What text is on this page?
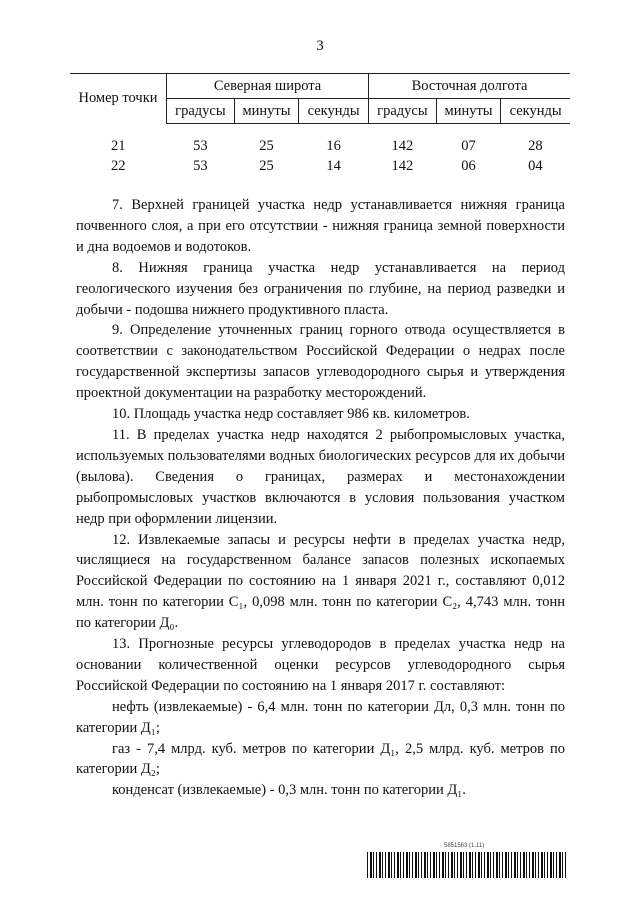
3
Номер точки	Северная широта			Восточная долгота		
	градусы	минуты	секунды	градусы	минуты	секунды

21	53	25	16	142	07	28
22	53	25	14	142	06	04

7. Верхней границей участка недр устанавливается нижняя граница почвенного слоя, а при его отсутствии - нижняя граница земной поверхности и дна водоемов и водотоков.

8. Нижняя граница участка недр устанавливается на период геологического изучения без ограничения по глубине, на период разведки и добычи - подошва нижнего продуктивного пласта.

9. Определение уточненных границ горного отвода осуществляется в соответствии с законодательством Российской Федерации о недрах после государственной экспертизы запасов углеводородного сырья и утверждения проектной документации на разработку месторождений.

10. Площадь участка недр составляет 986 кв. километров.

11. В пределах участка недр находятся 2 рыбопромысловых участка, используемых пользователями водных биологических ресурсов для их добычи (вылова). Сведения о границах, размерах и местонахождении рыбопромысловых участков включаются в условия пользования участком недр при оформлении лицензии.

12. Извлекаемые запасы и ресурсы нефти в пределах участка недр, числящиеся на государственном балансе запасов полезных ископаемых Российской Федерации по состоянию на 1 января 2021 г., составляют 0,012 млн. тонн по категории C₁, 0,098 млн. тонн по категории C₂, 4,743 млн. тонн по категории Д₀.

13. Прогнозные ресурсы углеводородов в пределах участка недр на основании количественной оценки ресурсов углеводородного сырья Российской Федерации по состоянию на 1 января 2017 г. составляют:

нефть (извлекаемые) - 6,4 млн. тонн по категории Дл, 0,3 млн. тонн по категории Д₁;

газ - 7,4 млрд. куб. метров по категории Д₁, 2,5 млрд. куб. метров по категории Д₂;

конденсат (извлекаемые) - 0,3 млн. тонн по категории Д₁.

5851563 (1.11)
